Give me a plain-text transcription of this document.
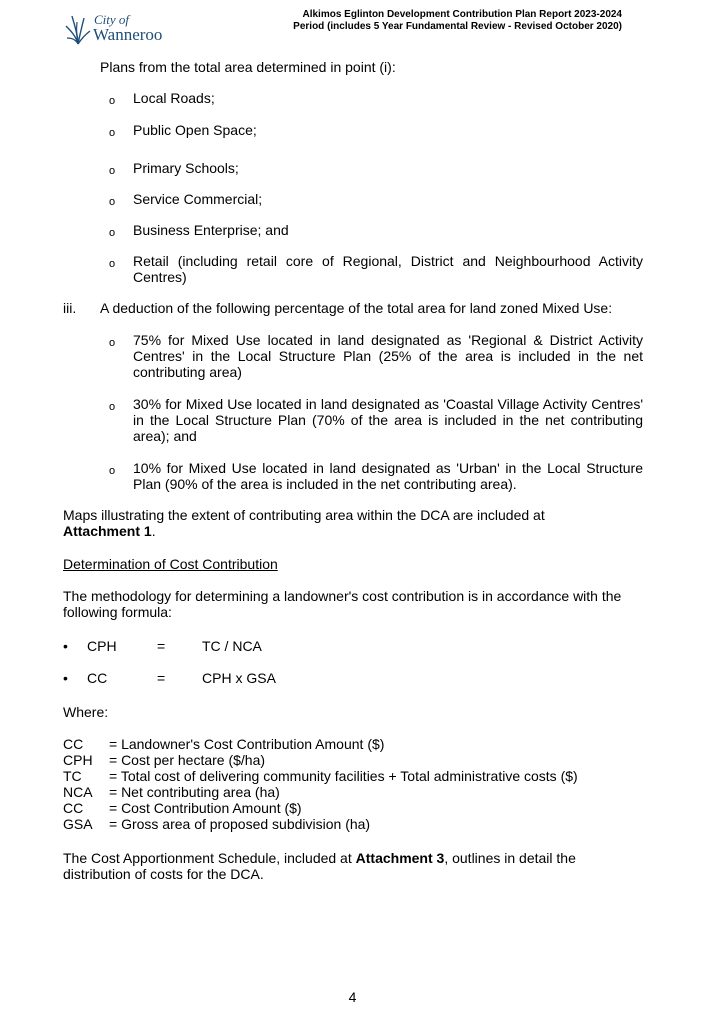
City of
Wanneroo
Alkimos Eglinton Development Contribution Plan Report 2023-2024
Period (includes 5 Year Fundamental Review - Revised October 2020)
Plans from the total area determined in point (i):
o Local Roads;
o Public Open Space;
o Primary Schools;
o Service Commercial;
o Business Enterprise; and
o Retail (including retail core of Regional, District and Neighbourhood Activity Centres)
iii. A deduction of the following percentage of the total area for land zoned Mixed Use:
o 75% for Mixed Use located in land designated as 'Regional & District Activity Centres' in the Local Structure Plan (25% of the area is included in the net contributing area)
o 30% for Mixed Use located in land designated as 'Coastal Village Activity Centres' in the Local Structure Plan (70% of the area is included in the net contributing area); and
o 10% for Mixed Use located in land designated as 'Urban' in the Local Structure Plan (90% of the area is included in the net contributing area).
Maps illustrating the extent of contributing area within the DCA are included at
Attachment 1.
Determination of Cost Contribution
The methodology for determining a landowner's cost contribution is in accordance with the following formula:
• CPH	=	TC / NCA
• CC	=	CPH x GSA
Where:
CC	= Landowner's Cost Contribution Amount ($)
CPH	= Cost per hectare ($/ha)
TC	= Total cost of delivering community facilities + Total administrative costs ($)
NCA	= Net contributing area (ha)
CC	= Cost Contribution Amount ($)
GSA	= Gross area of proposed subdivision (ha)
The Cost Apportionment Schedule, included at Attachment 3, outlines in detail the distribution of costs for the DCA.
4
